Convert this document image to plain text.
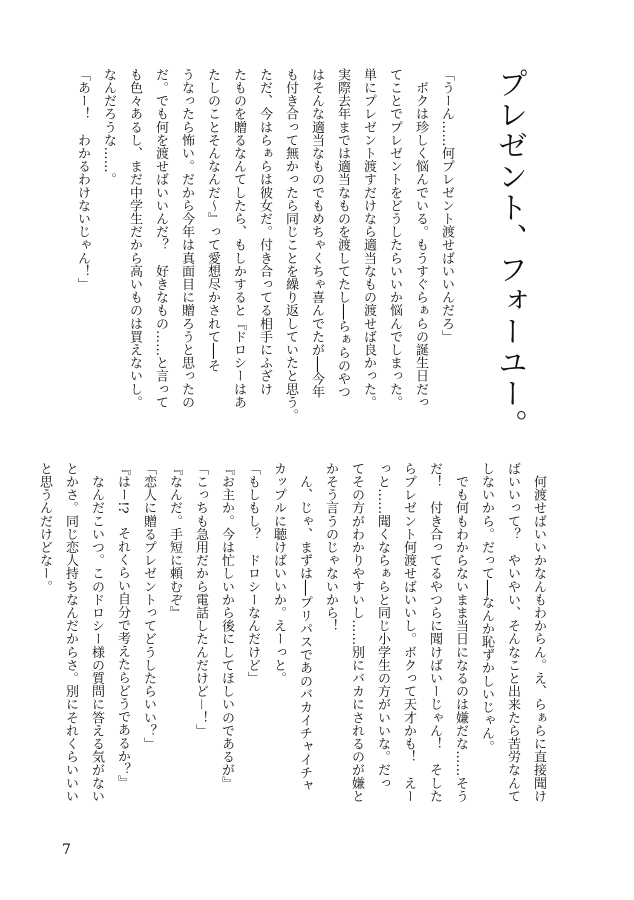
プレゼント、フォーユー。
「うーん……何プレゼント渡せばいいんだろ」
　ボクは珍しく悩んでいる。もうすぐらぁらの誕生日だっ
てことでプレゼントをどうしたらいいか悩んでしまった。
単にプレゼント渡すだけなら適当なもの渡せば良かった。
実際去年までは適当なものを渡してたし──らぁらのやつ
はそんな適当なものでもめちゃくちゃ喜んでたが──今年
も付き合って無かったら同じことを繰り返していたと思う。
ただ、今はらぁらは彼女だ。付き合ってる相手にふざけ
たものを贈るなんてしたら、もしかすると『ドロシーはあ
たしのことそんなんだ～』って愛想尽かされて──そ
うなったら怖い。だから今年は真面目に贈ろうと思ったの
だ。でも何を渡せばいいんだ？　好きなもの……と言って
も色々あるし、まだ中学生だから高いものは買えないし。
なんだろうな……。
「あー！　わかるわけないじゃん！」
　何渡せばいいかなんもわからん。え、らぁらに直接聞け
ばいいって？　やいやい、そんなこと出来たら苦労なんて
しないから。だって──なんか恥ずかしいじゃん。
　でも何もわからないまま当日になるのは嫌だな……そう
だ！　付き合ってるやつらに聞けばいーじゃん！　そした
らプレゼント何渡せばいいし。ボクって天才かも！　えー
っと……聞くならぁらと同じ小学生の方がいいな。だっ
てその方がわかりやすいし……別にバカにされるのが嫌と
かそう言うのじゃないから！
　ん、じゃ、まずは──プリパスであのバカイチャイチャ
カップルに聴けばいいか。えーっと。
「もしもし？　ドロシーなんだけど」
『お主か。今は忙しいから後にしてほしいのであるが』
「こっちも急用だから電話したんだけど－！」
『なんだ。手短に頼むぞ』
「恋人に贈るプレゼントってどうしたらいい？」
『はー!?　それくらい自分で考えたらどうであるか？』
　なんだこいつ。このドロシー様の質問に答える気がない
とかさ。同じ恋人持ちなんだからさ。別にそれくらいいい
と思うんだけどなー。
7
